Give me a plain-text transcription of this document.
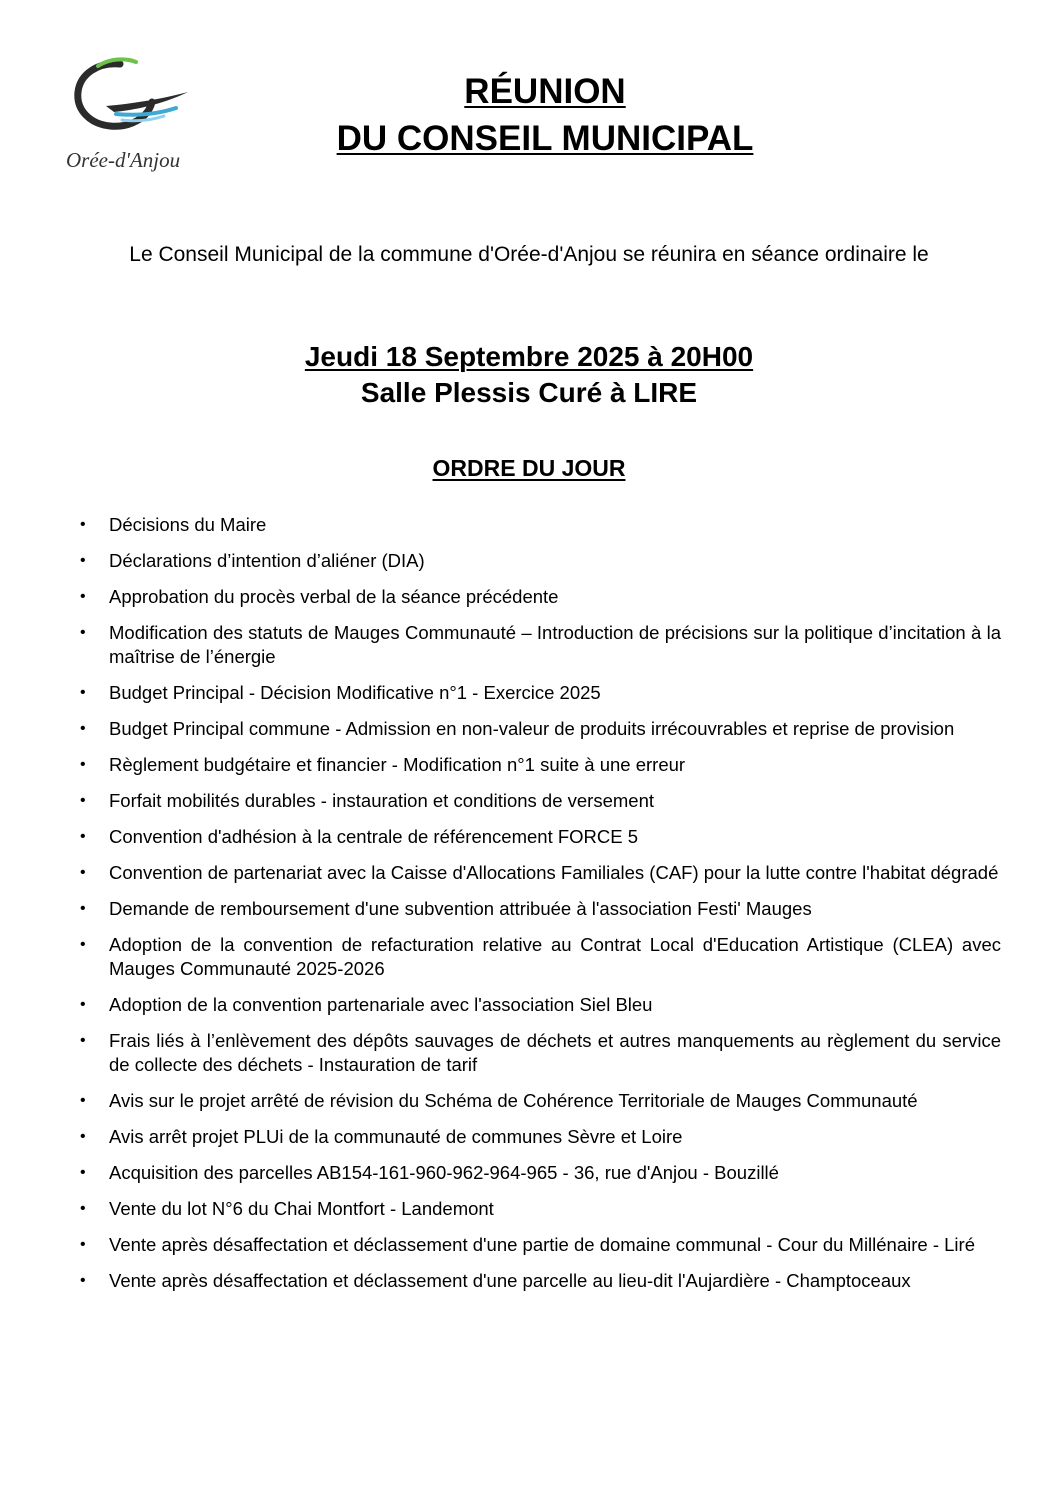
Orée-d'Anjou
RÉUNION
DU CONSEIL MUNICIPAL
Le Conseil Municipal de la commune d'Orée-d'Anjou se réunira en séance ordinaire le
Jeudi 18 Septembre 2025 à 20H00
Salle Plessis Curé à LIRE
ORDRE DU JOUR
• Décisions du Maire
• Déclarations d’intention d’aliéner (DIA)
• Approbation du procès verbal de la séance précédente
• Modification des statuts de Mauges Communauté – Introduction de précisions sur la politique d’incitation à la maîtrise de l’énergie
• Budget Principal - Décision Modificative n°1 - Exercice 2025
• Budget Principal commune - Admission en non-valeur de produits irrécouvrables et reprise de provision
• Règlement budgétaire et financier - Modification n°1 suite à une erreur
• Forfait mobilités durables - instauration et conditions de versement
• Convention d'adhésion à la centrale de référencement FORCE 5
• Convention de partenariat avec la Caisse d'Allocations Familiales (CAF) pour la lutte contre l'habitat dégradé
• Demande de remboursement d'une subvention attribuée à l'association Festi' Mauges
• Adoption de la convention de refacturation relative au Contrat Local d'Education Artistique (CLEA) avec Mauges Communauté 2025-2026
• Adoption de la convention partenariale avec l'association Siel Bleu
• Frais liés à l’enlèvement des dépôts sauvages de déchets et autres manquements au règlement du service de collecte des déchets - Instauration de tarif
• Avis sur le projet arrêté de révision du Schéma de Cohérence Territoriale de Mauges Communauté
• Avis arrêt projet PLUi de la communauté de communes Sèvre et Loire
• Acquisition des parcelles AB154-161-960-962-964-965 - 36, rue d'Anjou - Bouzillé
• Vente du lot N°6 du Chai Montfort - Landemont
• Vente après désaffectation et déclassement d'une partie de domaine communal - Cour du Millénaire - Liré
• Vente après désaffectation et déclassement d'une parcelle au lieu-dit l'Aujardière - Champtoceaux
